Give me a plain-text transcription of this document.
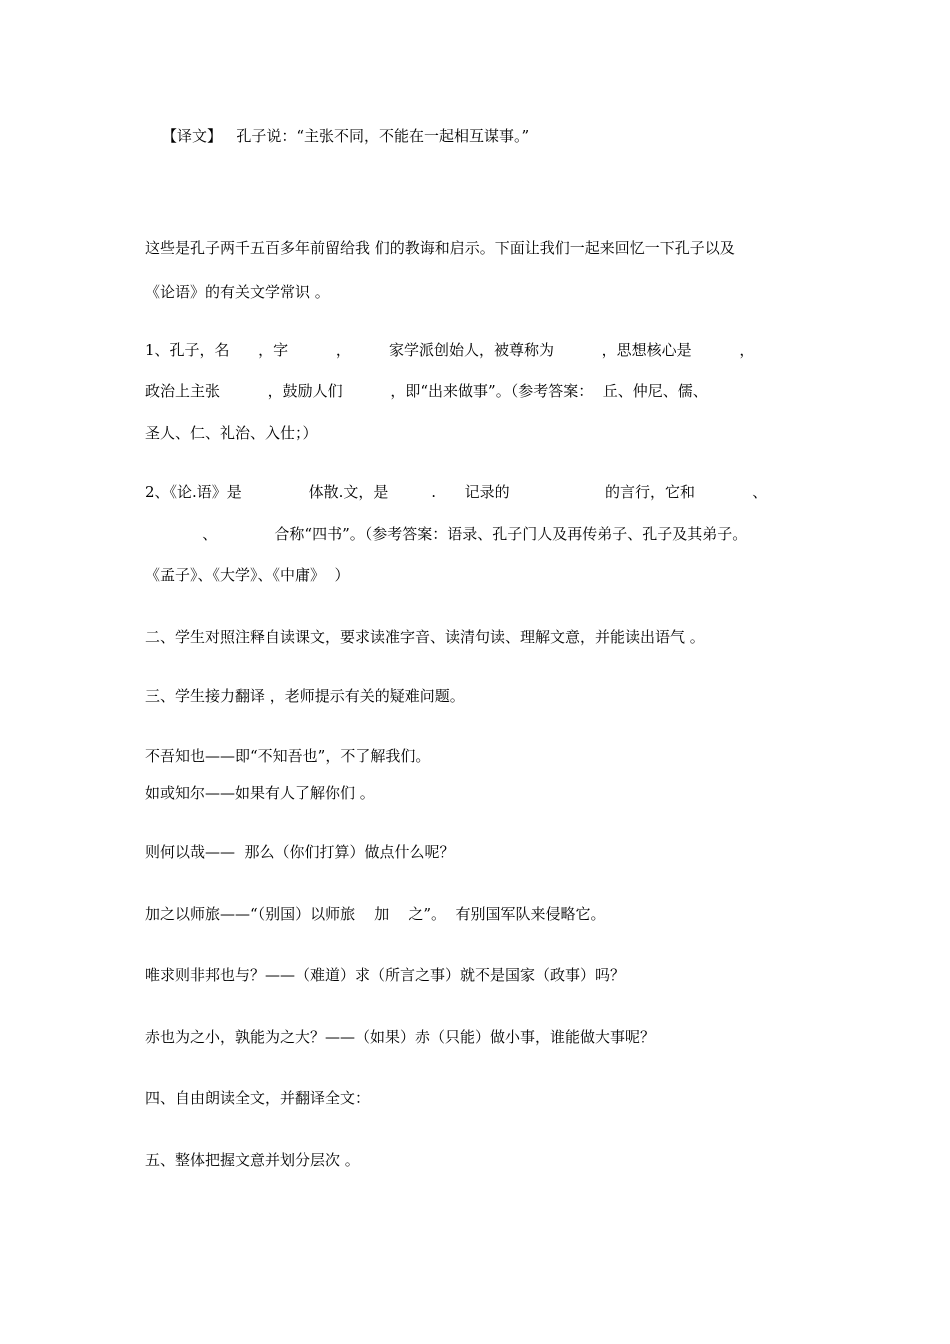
【译文】 孔子说：“主张不同，不能在一起相互谋事。”

这些是孔子两千五百多年前留给我 们的教诲和启示。下面让我们一起来回忆一下孔子以及

《论语》的有关文学常识 。

1、孔子，名      ，字          ，        家学派创始人，被尊称为          ，思想核心是          ，

政治上主张          ，鼓励人们          ，即“出来做事”。（参考答案：  丘、仲尼、儒、

圣人、仁、礼治、入仕；）

2、《论.语》是              体散.文，是         .      记录的                    的言行，它和            、

、            合称“四书”。（参考答案：语录、孔子门人及再传弟子、孔子及其弟子。

《孟子》、《大学》、《中庸》  ）

二、学生对照注释自读课文，要求读准字音、读清句读、理解文意，并能读出语气 。

三、学生接力翻译 ，老师提示有关的疑难问题。

不吾知也——即“不知吾也”，不了解我们。

如或知尔——如果有人了解你们 。

则何以哉——  那么（你们打算）做点什么呢？

加之以师旅——“（别国）以师旅    加    之”。  有别国军队来侵略它。

唯求则非邦也与？——（难道）求（所言之事）就不是国家（政事）吗？

赤也为之小，孰能为之大？——（如果）赤（只能）做小事，谁能做大事呢？

四、自由朗读全文，并翻译全文：

五、整体把握文意并划分层次 。
